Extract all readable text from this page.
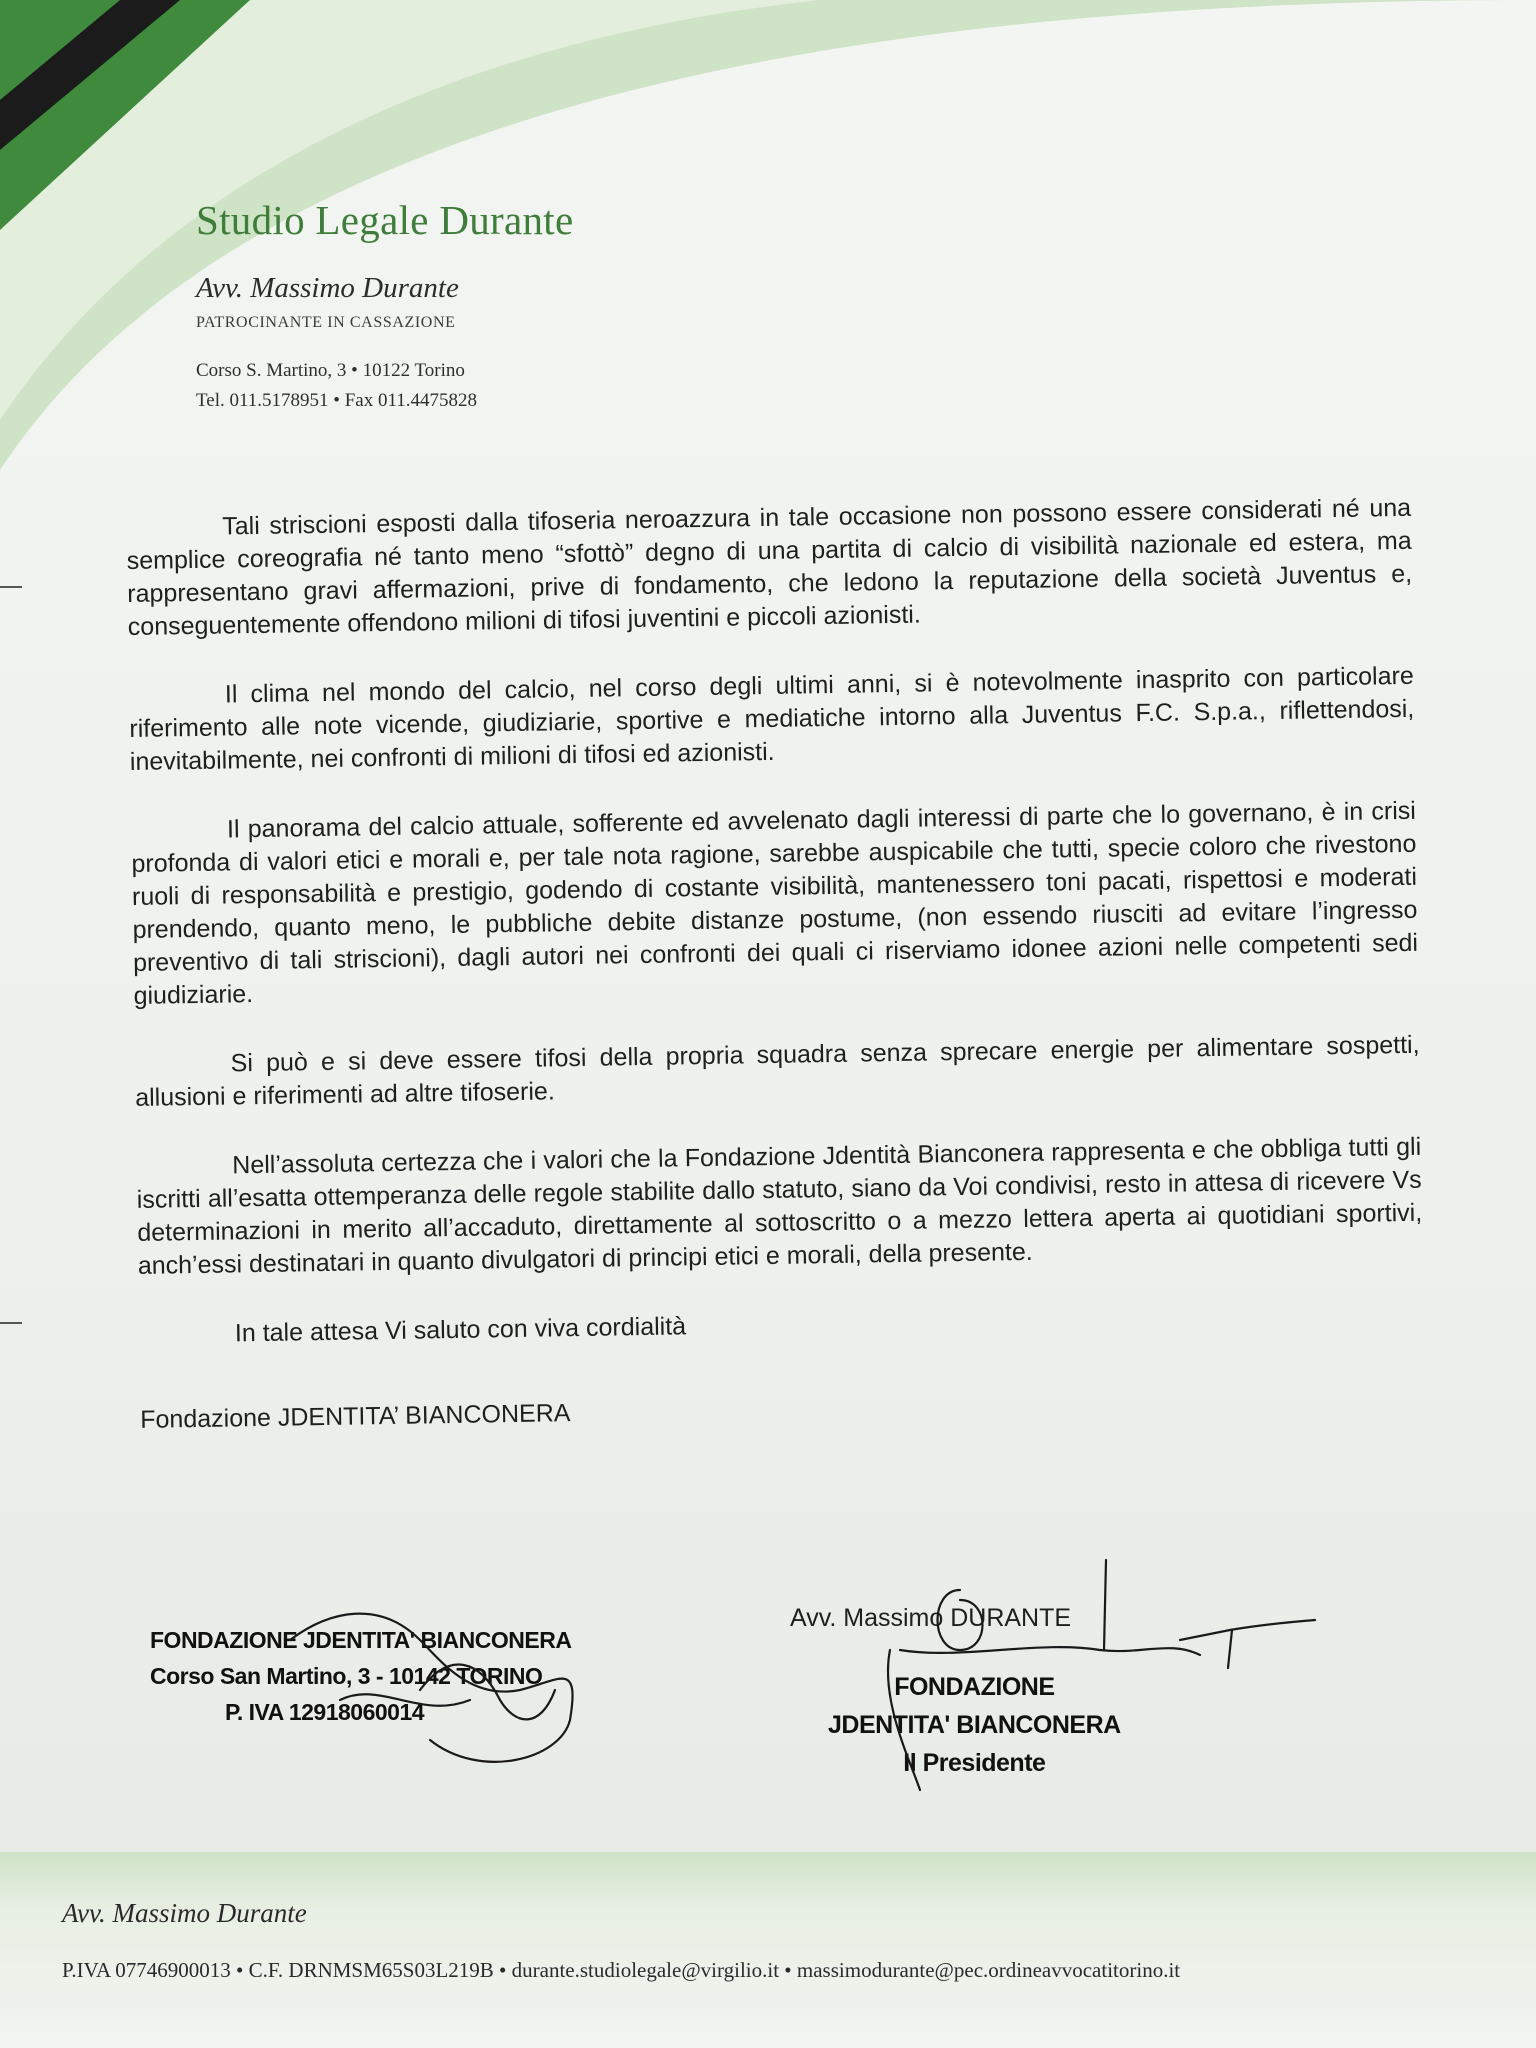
Studio Legale Durante
Avv. Massimo Durante
PATROCINANTE IN CASSAZIONE
Corso S. Martino, 3 • 10122 Torino
Tel. 011.5178951 • Fax 011.4475828

Tali striscioni esposti dalla tifoseria neroazzura in tale occasione non possono essere considerati né una semplice coreografia né tanto meno “sfottò” degno di una partita di calcio di visibilità nazionale ed estera, ma rappresentano gravi affermazioni, prive di fondamento, che ledono la reputazione della società Juventus e, conseguentemente offendono milioni di tifosi juventini e piccoli azionisti.

Il clima nel mondo del calcio, nel corso degli ultimi anni, si è notevolmente inasprito con particolare riferimento alle note vicende, giudiziarie, sportive e mediatiche intorno alla Juventus F.C. S.p.a., riflettendosi, inevitabilmente, nei confronti di milioni di tifosi ed azionisti.

Il panorama del calcio attuale, sofferente ed avvelenato dagli interessi di parte che lo governano, è in crisi profonda di valori etici e morali e, per tale nota ragione, sarebbe auspicabile che tutti, specie coloro che rivestono ruoli di responsabilità e prestigio, godendo di costante visibilità, mantenessero toni pacati, rispettosi e moderati prendendo, quanto meno, le pubbliche debite distanze postume, (non essendo riusciti ad evitare l’ingresso preventivo di tali striscioni), dagli autori nei confronti dei quali ci riserviamo idonee azioni nelle competenti sedi giudiziarie.

Si può e si deve essere tifosi della propria squadra senza sprecare energie per alimentare sospetti, allusioni e riferimenti ad altre tifoserie.

Nell’assoluta certezza che i valori che la Fondazione Jdentità Bianconera rappresenta e che obbliga tutti gli iscritti all’esatta ottemperanza delle regole stabilite dallo statuto, siano da Voi condivisi, resto in attesa di ricevere Vs determinazioni in merito all’accaduto, direttamente al sottoscritto o a mezzo lettera aperta ai quotidiani sportivi, anch’essi destinatari in quanto divulgatori di principi etici e morali, della presente.

In tale attesa Vi saluto con viva cordialità

Fondazione JDENTITA’ BIANCONERA

FONDAZIONE JDENTITA' BIANCONERA
Corso San Martino, 3 - 10142 TORINO
P. IVA 12918060014
Avv. Massimo DURANTE
FONDAZIONE
JDENTITA' BIANCONERA
Il Presidente
Avv. Massimo Durante
P.IVA 07746900013 • C.F. DRNMSM65S03L219B • durante.studiolegale@virgilio.it • massimodurante@pec.ordineavvocatitorino.it
